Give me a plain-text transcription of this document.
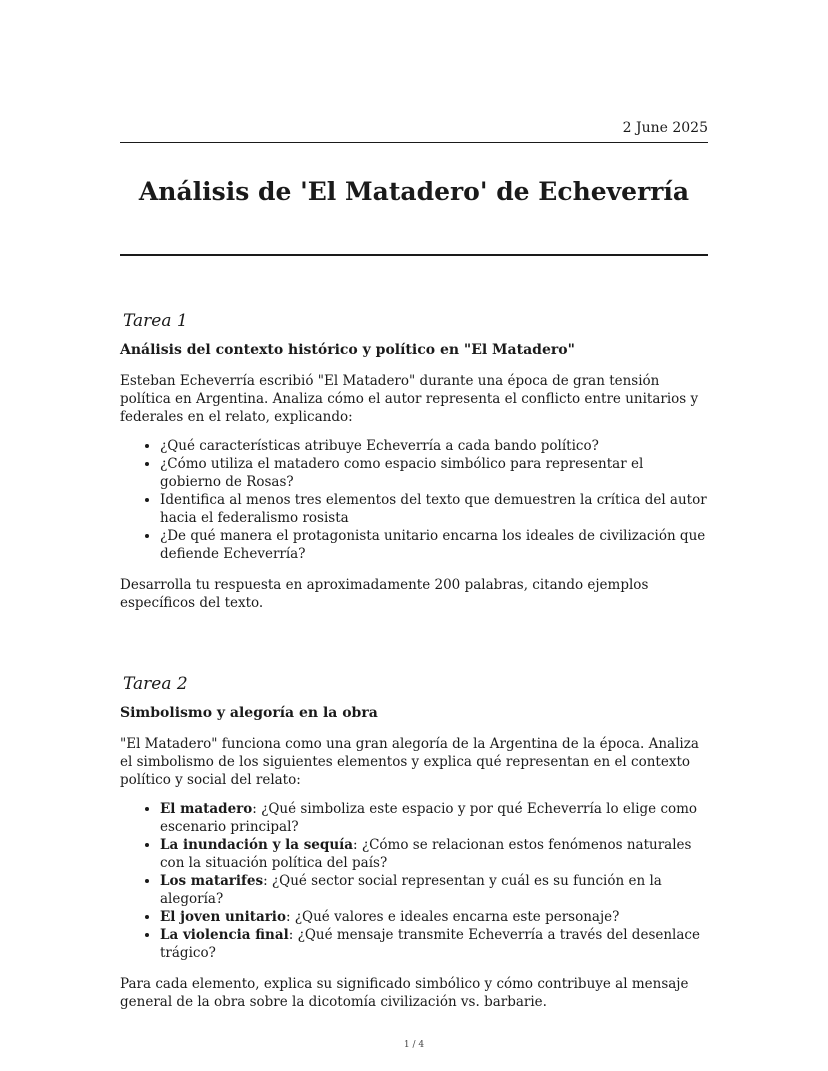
2 June 2025
Análisis de 'El Matadero' de Echeverría
Tarea 1

Análisis del contexto histórico y político en "El Matadero"

Esteban Echeverría escribió "El Matadero" durante una época de gran tensión política en Argentina. Analiza cómo el autor representa el conflicto entre unitarios y federales en el relato, explicando:

• ¿Qué características atribuye Echeverría a cada bando político?
• ¿Cómo utiliza el matadero como espacio simbólico para representar el gobierno de Rosas?
• Identifica al menos tres elementos del texto que demuestren la crítica del autor hacia el federalismo rosista
• ¿De qué manera el protagonista unitario encarna los ideales de civilización que defiende Echeverría?

Desarrolla tu respuesta en aproximadamente 200 palabras, citando ejemplos específicos del texto.

Tarea 2

Simbolismo y alegoría en la obra

"El Matadero" funciona como una gran alegoría de la Argentina de la época. Analiza el simbolismo de los siguientes elementos y explica qué representan en el contexto político y social del relato:

• El matadero: ¿Qué simboliza este espacio y por qué Echeverría lo elige como escenario principal?
• La inundación y la sequía: ¿Cómo se relacionan estos fenómenos naturales con la situación política del país?
• Los matarifes: ¿Qué sector social representan y cuál es su función en la alegoría?
• El joven unitario: ¿Qué valores e ideales encarna este personaje?
• La violencia final: ¿Qué mensaje transmite Echeverría a través del desenlace trágico?

Para cada elemento, explica su significado simbólico y cómo contribuye al mensaje general de la obra sobre la dicotomía civilización vs. barbarie.

1 / 4
